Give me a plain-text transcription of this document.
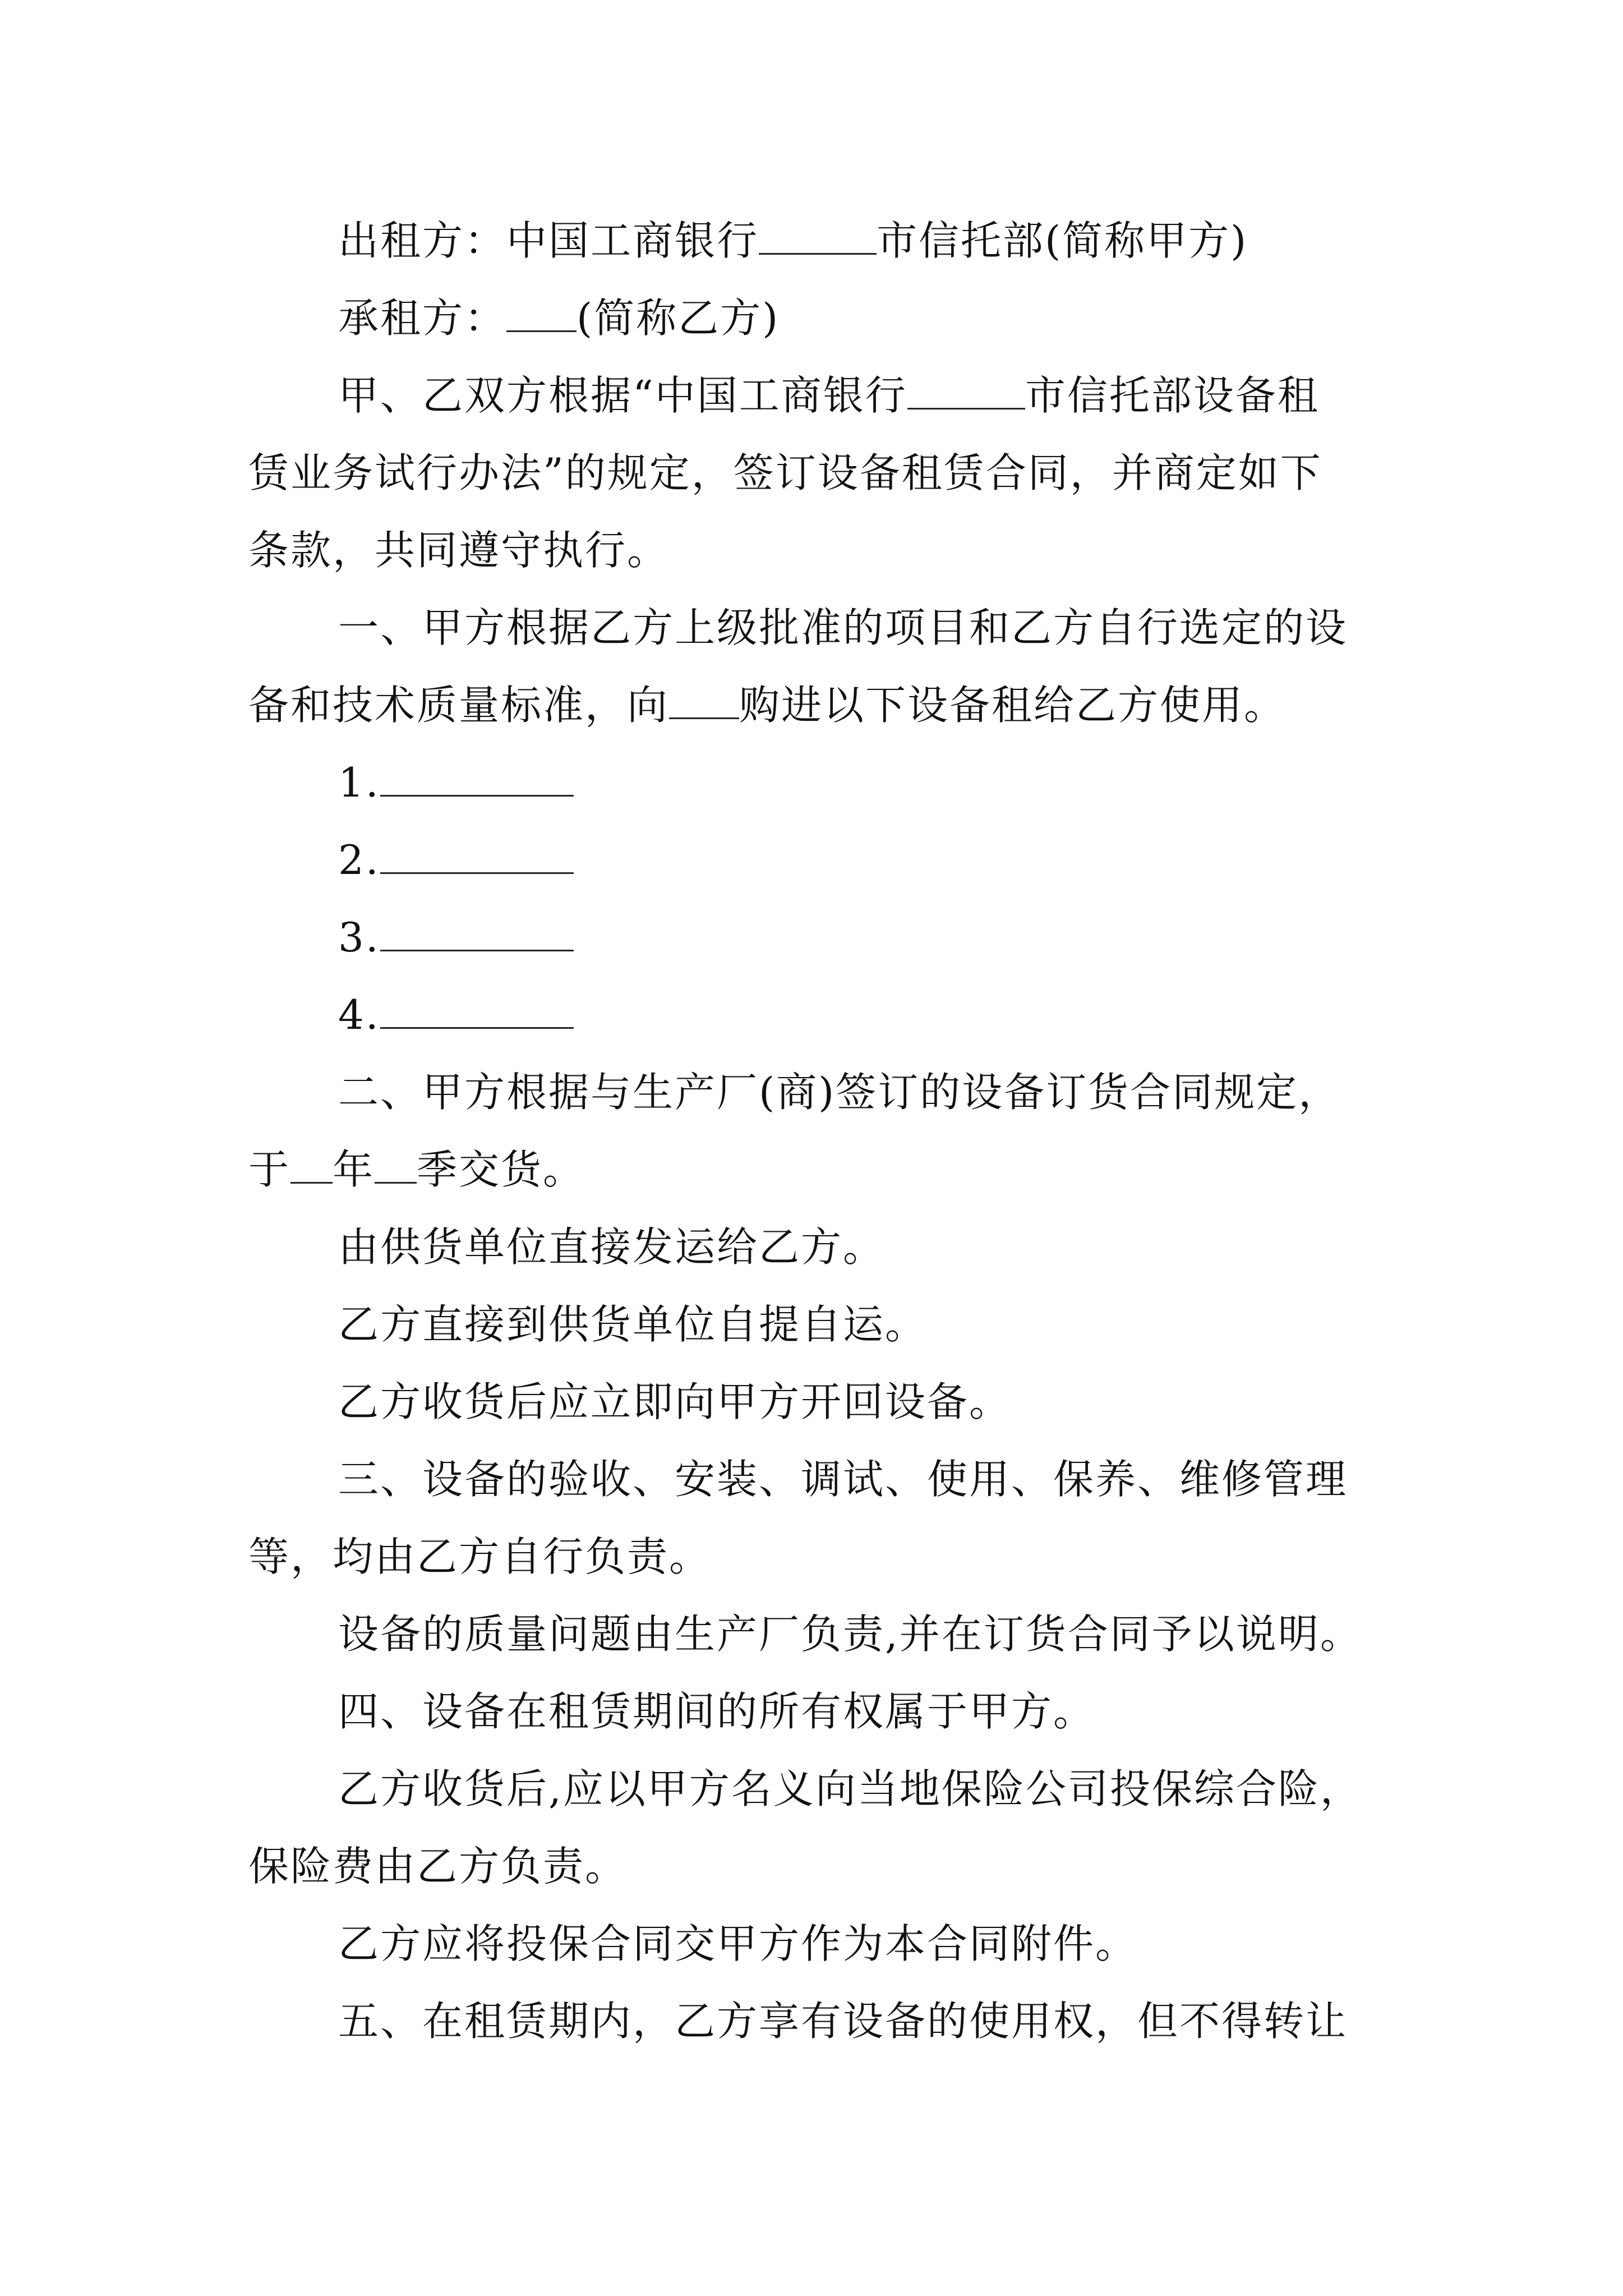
出租方：中国工商银行	市信托部(简称甲方)
承租方： (简称乙方)
甲、乙双方根据“中国工商银行	市信托部设备租
赁业务试行办法”的规定，签订设备租赁合同，并商定如下
条款，共同遵守执行。
一、甲方根据乙方上级批准的项目和乙方自行选定的设
备和技术质量标准，向 购进以下设备租给乙方使用。
1.
2.
3.
4.
二、甲方根据与生产厂(商)签订的设备订货合同规定，
于 年 季交货。
由供货单位直接发运给乙方。
乙方直接到供货单位自提自运。
乙方收货后应立即向甲方开回设备。
三、设备的验收、安装、调试、使用、保养、维修管理
等，均由乙方自行负责。
设备的质量问题由生产厂负责,并在订货合同予以说明。
四、设备在租赁期间的所有权属于甲方。
乙方收货后,应以甲方名义向当地保险公司投保综合险，
保险费由乙方负责。
乙方应将投保合同交甲方作为本合同附件。
五、在租赁期内，乙方享有设备的使用权，但不得转让
